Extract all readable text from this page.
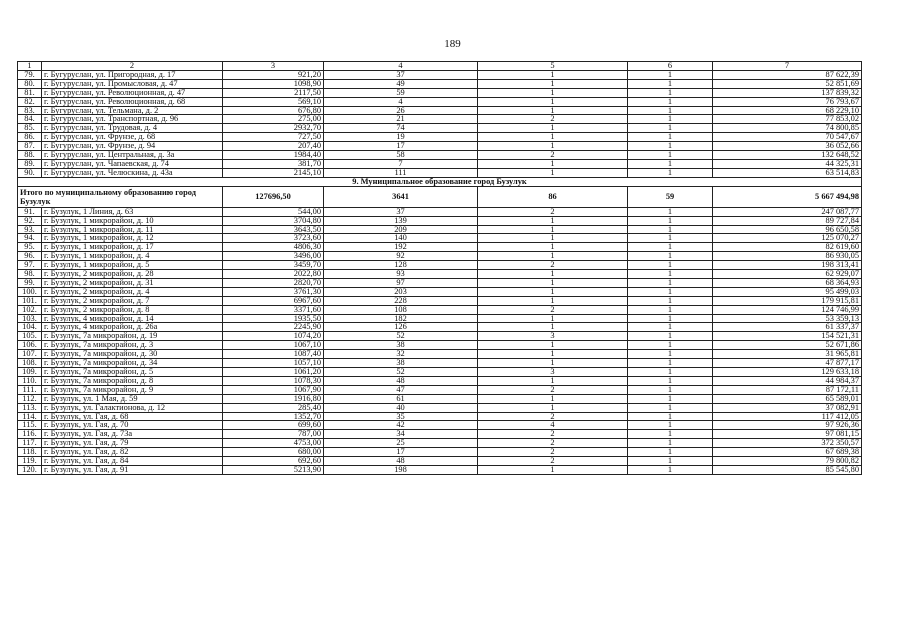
189
1	2	3	4	5	6	7
79.	г. Бугуруслан, ул. Пригородная, д. 17	921,20	37	1	1	87 622,39
80.	г. Бугуруслан, ул. Промысловая, д. 47	1098,90	49	1	1	52 851,69
81.	г. Бугуруслан, ул. Революционная, д. 47	2117,50	59	1	1	137 839,32
82.	г. Бугуруслан, ул. Революционная, д. 68	569,10	4	1	1	76 793,67
83.	г. Бугуруслан, ул. Тельмана, д. 2	676,80	26	1	1	68 229,10
84.	г. Бугуруслан, ул. Транспортная, д. 96	275,00	21	2	1	77 853,02
85.	г. Бугуруслан, ул. Трудовая, д. 4	2932,70	74	1	1	74 800,85
86.	г. Бугуруслан, ул. Фрунзе, д. 68	727,50	19	1	1	70 547,67
87.	г. Бугуруслан, ул. Фрунзе, д. 94	207,40	17	1	1	36 052,66
88.	г. Бугуруслан, ул. Центральная, д. 3а	1984,40	58	2	1	132 648,52
89.	г. Бугуруслан, ул. Чапаевская, д. 74	381,70	7	1	1	44 325,31
90.	г. Бугуруслан, ул. Челюскина, д. 43а	2145,10	111	1	1	63 514,83
9. Муниципальное образование город Бузулук						
Итого по муниципальному образованию город Бузулук		127696,50	3641	86	59	5 667 494,98
91.	г. Бузулук, 1 Линия, д. 63	544,00	37	2	1	247 087,77
92.	г. Бузулук, 1 микрорайон, д. 10	3704,80	139	1	1	89 727,84
93.	г. Бузулук, 1 микрорайон, д. 11	3643,50	209	1	1	96 650,58
94.	г. Бузулук, 1 микрорайон, д. 12	3723,60	140	1	1	125 070,27
95.	г. Бузулук, 1 микрорайон, д. 17	4806,30	192	1	1	82 619,60
96.	г. Бузулук, 1 микрорайон, д. 4	3496,00	92	1	1	86 930,05
97.	г. Бузулук, 1 микрорайон, д. 5	3459,70	128	2	1	198 313,41
98.	г. Бузулук, 2 микрорайон, д. 28	2022,80	93	1	1	62 929,07
99.	г. Бузулук, 2 микрорайон, д. 31	2820,70	97	1	1	68 364,93
100.	г. Бузулук, 2 микрорайон, д. 4	3761,30	203	1	1	95 499,03
101.	г. Бузулук, 2 микрорайон, д. 7	6967,60	228	1	1	179 915,81
102.	г. Бузулук, 2 микрорайон, д. 8	3371,60	108	2	1	124 746,99
103.	г. Бузулук, 4 микрорайон, д. 14	1935,50	182	1	1	53 359,13
104.	г. Бузулук, 4 микрорайон, д. 26а	2245,90	126	1	1	61 337,37
105.	г. Бузулук, 7а микрорайон, д. 19	1074,20	52	3	1	154 521,31
106.	г. Бузулук, 7а микрорайон, д. 3	1067,10	38	1	1	52 671,86
107.	г. Бузулук, 7а микрорайон, д. 30	1087,40	32	1	1	31 965,81
108.	г. Бузулук, 7а микрорайон, д. 34	1057,10	38	1	1	47 877,17
109.	г. Бузулук, 7а микрорайон, д. 5	1061,20	52	3	1	129 633,18
110.	г. Бузулук, 7а микрорайон, д. 8	1078,30	48	1	1	44 984,37
111.	г. Бузулук, 7а микрорайон, д. 9	1067,90	47	2	1	87 172,11
112.	г. Бузулук, ул. 1 Мая, д. 59	1916,80	61	1	1	65 589,01
113.	г. Бузулук, ул. Галактионова, д. 12	285,40	40	1	1	37 082,91
114.	г. Бузулук, ул. Гая, д. 68	1352,70	35	2	1	117 412,05
115.	г. Бузулук, ул. Гая, д. 70	699,60	42	4	1	97 926,36
116.	г. Бузулук, ул. Гая, д. 73а	787,00	34	2	1	97 081,15
117.	г. Бузулук, ул. Гая, д. 79	4753,00	25	2	1	372 350,57
118.	г. Бузулук, ул. Гая, д. 82	680,00	17	2	1	67 689,38
119.	г. Бузулук, ул. Гая, д. 84	692,60	48	2	1	79 800,82
120.	г. Бузулук, ул. Гая, д. 91	5213,90	198	1	1	85 545,80
